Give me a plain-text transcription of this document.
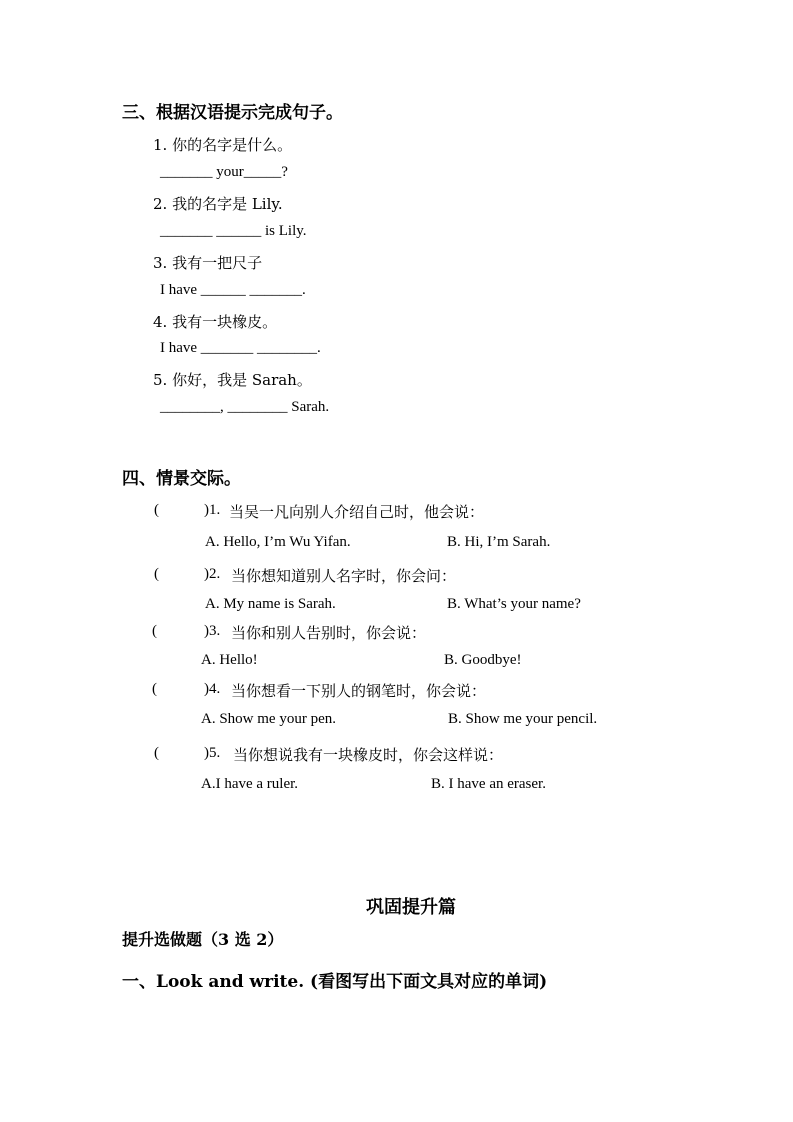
三、根据汉语提示完成句子。
1. 你的名字是什么。
_______ your_____?
2. 我的名字是 Lily.
_______ ______ is Lily.
3. 我有一把尺子
I have ______ _______.
4. 我有一块橡皮。
I have _______ ________.
5. 你好，我是 Sarah。
________, ________ Sarah.
四、情景交际。
(	)1. 当吴一凡向别人介绍自己时，他会说：
A. Hello, I’m Wu Yifan.	B. Hi, I’m Sarah.
(	)2. 当你想知道别人名字时，你会问：
A. My name is Sarah.	B. What’s your name?
(	)3. 当你和别人告别时，你会说：
A. Hello!	B. Goodbye!
(	)4. 当你想看一下别人的钢笔时，你会说：
A. Show me your pen.	B. Show me your pencil.
(	)5. 当你想说我有一块橡皮时，你会这样说：
A.I have a ruler.	B. I have an eraser.
巩固提升篇
提升选做题（3 选 2）
一、Look and write. (看图写出下面文具对应的单词)
